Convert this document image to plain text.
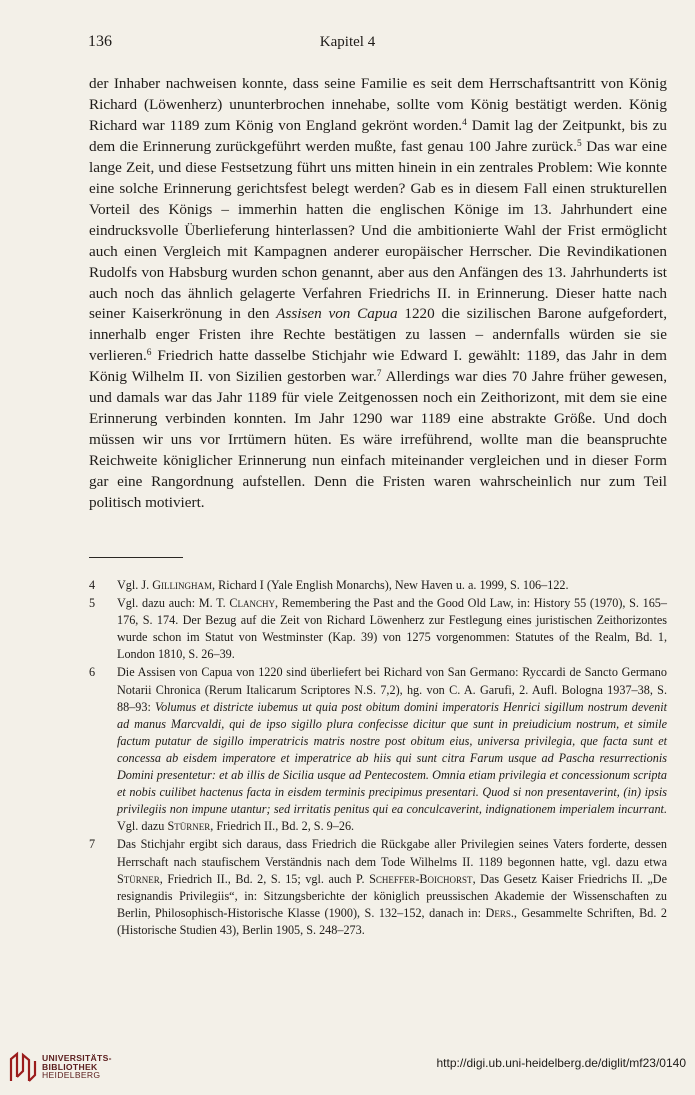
136	Kapitel 4

der Inhaber nachweisen konnte, dass seine Familie es seit dem Herrschaftsantritt von König Richard (Löwenherz) ununterbrochen innehabe, sollte vom König bestätigt werden. König Richard war 1189 zum König von England gekrönt worden.$^4$ Damit lag der Zeitpunkt, bis zu dem die Erinnerung zurückgeführt werden mußte, fast genau 100 Jahre zurück.$^5$ Das war eine lange Zeit, und diese Festsetzung führt uns mitten hinein in ein zentrales Problem: Wie konnte eine solche Erinnerung gerichtsfest belegt werden? Gab es in diesem Fall einen strukturellen Vorteil des Königs – immerhin hatten die englischen Könige im 13. Jahrhundert eine eindrucksvolle Überlieferung hinterlassen? Und die ambitionierte Wahl der Frist ermöglicht auch einen Vergleich mit Kampagnen anderer europäischer Herrscher. Die Revindikationen Rudolfs von Habsburg wurden schon genannt, aber aus den Anfängen des 13. Jahrhunderts ist auch noch das ähnlich gelagerte Verfahren Friedrichs II. in Erinnerung. Dieser hatte nach seiner Kaiserkrönung in den Assisen von Capua 1220 die sizilischen Barone aufgefordert, innerhalb enger Fristen ihre Rechte bestätigen zu lassen – andernfalls würden sie sie verlieren.$^6$ Friedrich hatte dasselbe Stichjahr wie Edward I. gewählt: 1189, das Jahr in dem König Wilhelm II. von Sizilien gestorben war.$^7$ Allerdings war dies 70 Jahre früher gewesen, und damals war das Jahr 1189 für viele Zeitgenossen noch ein Zeithorizont, mit dem sie eine Erinnerung verbinden konnten. Im Jahr 1290 war 1189 eine abstrakte Größe. Und doch müssen wir uns vor Irrtümern hüten. Es wäre irreführend, wollte man die beanspruchte Reichweite königlicher Erinnerung nun einfach miteinander vergleichen und in dieser Form gar eine Rangordnung aufstellen. Denn die Fristen waren wahrscheinlich nur zum Teil politisch motiviert.

4 Vgl. J. Gillingham, Richard I (Yale English Monarchs), New Haven u. a. 1999, S. 106–122.
5 Vgl. dazu auch: M. T. Clanchy, Remembering the Past and the Good Old Law, in: History 55 (1970), S. 165–176, S. 174. Der Bezug auf die Zeit von Richard Löwenherz zur Festlegung eines juristischen Zeithorizontes wurde schon im Statut von Westminster (Kap. 39) von 1275 vorgenommen: Statutes of the Realm, Bd. 1, London 1810, S. 26–39.
6 Die Assisen von Capua von 1220 sind überliefert bei Richard von San Germano: Ryccardi de Sancto Germano Notarii Chronica (Rerum Italicarum Scriptores N.S. 7,2), hg. von C. A. Garufi, 2. Aufl. Bologna 1937–38, S. 88–93: Volumus et districte iubemus ut quia post obitum domini imperatoris Henrici sigillum nostrum devenit ad manus Marcvaldi, qui de ipso sigillo plura confecisse dicitur que sunt in preiudicium nostrum, et simile factum putatur de sigillo imperatricis matris nostre post obitum eius, universa privilegia, que facta sunt et concessa ab eisdem imperatore et imperatrice ab hiis qui sunt citra Farum usque ad Pascha resurrectionis Domini presentetur: et ab illis de Sicilia usque ad Pentecostem. Omnia etiam privilegia et concessionum scripta et nobis cuilibet hactenus facta in eisdem terminis precipimus presentari. Quod si non presentaverint, (in) ipsis privilegiis non impune utantur; sed irritatis penitus qui ea conculcaverint, indignationem imperialem incurrant. Vgl. dazu Stürner, Friedrich II., Bd. 2, S. 9–26.
7 Das Stichjahr ergibt sich daraus, dass Friedrich die Rückgabe aller Privilegien seines Vaters forderte, dessen Herrschaft nach staufischem Verständnis nach dem Tode Wilhelms II. 1189 begonnen hatte, vgl. dazu etwa Stürner, Friedrich II., Bd. 2, S. 15; vgl. auch P. Scheffer-Boichorst, Das Gesetz Kaiser Friedrichs II. „De resignandis Privilegiis“, in: Sitzungsberichte der königlich preussischen Akademie der Wissenschaften zu Berlin, Philosophisch-Historische Klasse (1900), S. 132–152, danach in: Ders., Gesammelte Schriften, Bd. 2 (Historische Studien 43), Berlin 1905, S. 248–273.
UNIVERSITÄTS-
BIBLIOTHEK
HEIDELBERG
http://digi.ub.uni-heidelberg.de/diglit/mf23/0140
